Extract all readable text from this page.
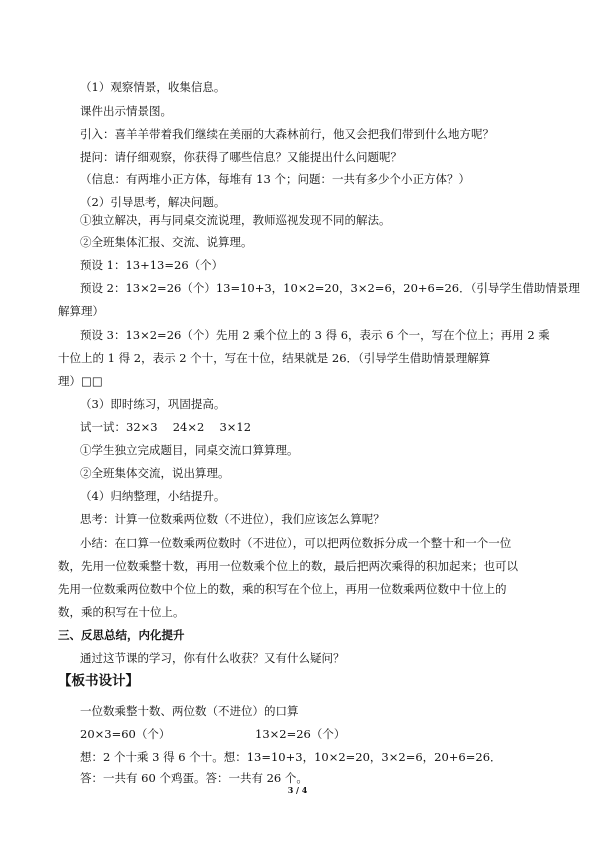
（1）观察情景，收集信息。
课件出示情景图。
引入：喜羊羊带着我们继续在美丽的大森林前行，他又会把我们带到什么地方呢？
提问：请仔细观察，你获得了哪些信息？又能提出什么问题呢？
（信息：有两堆小正方体，每堆有 13 个；问题：一共有多少个小正方体？）
（2）引导思考，解决问题。
①独立解决，再与同桌交流说理，教师巡视发现不同的解法。
②全班集体汇报、交流、说算理。
预设 1：13+13=26（个）
预设 2：13×2=26（个）13=10+3，10×2=20，3×2=6，20+6=26．（引导学生借助情景理
解算理）
预设 3：13×2=26（个）先用 2 乘个位上的 3 得 6，表示 6 个一，写在个位上；再用 2 乘
十位上的 1 得 2，表示 2 个十，写在十位，结果就是 26．（引导学生借助情景理解算
理）□□
（3）即时练习，巩固提高。
试一试：32×3　 24×2　 3×12
①学生独立完成题目，同桌交流口算算理。
②全班集体交流，说出算理。
（4）归纳整理，小结提升。
思考：计算一位数乘两位数（不进位），我们应该怎么算呢？
小结：在口算一位数乘两位数时（不进位），可以把两位数拆分成一个整十和一个一位
数，先用一位数乘整十数，再用一位数乘个位上的数，最后把两次乘得的积加起来；也可以
先用一位数乘两位数中个位上的数，乘的积写在个位上，再用一位数乘两位数中十位上的
数，乘的积写在十位上。
三、反思总结，内化提升
通过这节课的学习，你有什么收获？又有什么疑问？
【板书设计】
一位数乘整十数、两位数（不进位）的口算
20×3=60（个）	13×2=26（个）
想：2 个十乘 3 得 6 个十。想：13=10+3，10×2=20，3×2=6，20+6=26．
答：一共有 60 个鸡蛋。答：一共有 26 个。
3 / 4
